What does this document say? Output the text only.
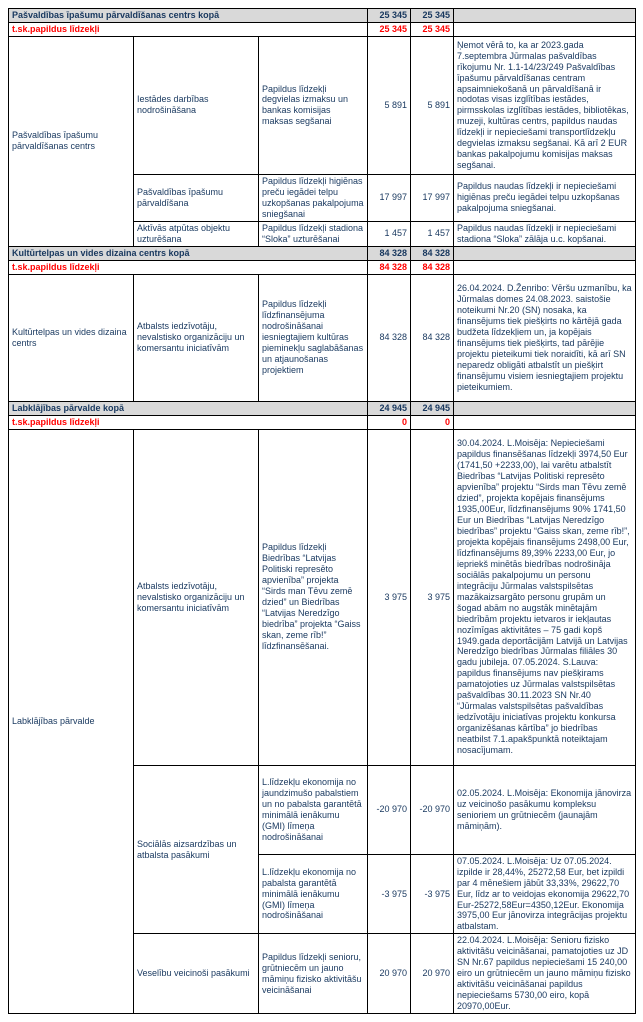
Pašvaldības īpašumu pārvaldīšanas centrs kopā			25 345	25 345	
t.sk.papildus līdzekļi			25 345	25 345	
Pašvaldības īpašumu pārvaldīšanas centrs	Iestādes darbības nodrošināšana	Papildus līdzekļi degvielas izmaksu un bankas komisijas maksas segšanai	5 891	5 891	Ņemot vērā to, ka ar 2023.gada 7.septembra Jūrmalas pašvaldības rīkojumu Nr. 1.1-14/23/249 Pašvaldības īpašumu pārvaldīšanas centram apsaimniekošanā un pārvaldīšanā ir nodotas visas izglītības iestādes, pirmsskolas izglītības iestādes, bibliotēkas, muzeji, kultūras centrs, papildus naudas līdzekļi ir nepieciešami transportlīdzekļu degvielas izmaksu segšanai. Kā arī 2 EUR bankas pakalpojumu komisijas maksas segšanai.
	Pašvaldības īpašumu pārvaldīšana	Papildus līdzekļi higiēnas preču iegādei telpu uzkopšanas pakalpojuma sniegšanai	17 997	17 997	Papildus naudas līdzekļi ir nepieciešami higiēnas preču iegādei telpu uzkopšanas pakalpojuma sniegšanai.
	Aktīvās atpūtas objektu uzturēšana	Papildus līdzekļi stadiona “Sloka” uzturēšanai	1 457	1 457	Papildus naudas līdzekļi ir nepieciešami stadiona “Sloka” zālāja u.c. kopšanai.
Kultūrtelpas un vides dizaina centrs kopā			84 328	84 328	
t.sk.papildus līdzekļi			84 328	84 328	
Kultūrtelpas un vides dizaina centrs	Atbalsts iedzīvotāju, nevalstisko organizāciju un komersantu iniciatīvām	Papildus līdzekļi līdzfinansējuma nodrošināšanai iesniegtajiem kultūras pieminekļu saglabāšanas un atjaunošanas projektiem	84 328	84 328	26.04.2024. D.Ženribo: Vēršu uzmanību, ka Jūrmalas domes 24.08.2023. saistošie noteikumi Nr.20 (SN) nosaka, ka finansējums tiek piešķirts no kārtējā gada budžeta līdzekļiem un, ja kopējais finansējums tiek piešķirts, tad pārējie projektu pieteikumi tiek noraidīti, kā arī SN neparedz obligāti atbalstīt un piešķirt finansējumu visiem iesniegtajiem projektu pieteikumiem.
Labklājības pārvalde kopā			24 945	24 945	
t.sk.papildus līdzekļi			0	0	
Labklājības pārvalde	Atbalsts iedzīvotāju, nevalstisko organizāciju un komersantu iniciatīvām	Papildus līdzekļi Biedrības “Latvijas Politiski represēto apvienība” projekta “Sirds man Tēvu zemē dzied” un Biedrības “Latvijas Neredzīgo biedrība” projekta “Gaiss skan, zeme rīb!” līdzfinansēšanai.	3 975	3 975	30.04.2024. L.Moisēja: Nepieciešami papildus finansēšanas līdzekļi 3974,50 Eur (1741,50 +2233,00), lai varētu atbalstīt Biedrības “Latvijas Politiski represēto apvienība” projektu “Sirds man Tēvu zemē dzied”, projekta kopējais finansējums 1935,00Eur, līdzfinansējums 90% 1741,50 Eur un Biedrības “Latvijas Neredzīgo biedrības” projektu “Gaiss skan, zeme rīb!”, projekta kopējais finansējums 2498,00 Eur, līdzfinansējums 89,39% 2233,00 Eur, jo iepriekš minētās biedrības nodrošināja sociālās pakalpojumu un personu integrāciju Jūrmalas valstspilsētas mazākaizsargāto personu grupām un šogad abām no augstāk minētajām biedrībām projektu ietvaros ir iekļautas nozīmīgas aktivitātes – 75 gadi kopš 1949.gada deportācijām Latvijā un Latvijas Neredzīgo biedrības Jūrmalas filiāles 30 gadu jubileja. 07.05.2024. S.Lauva: papildus finansējums nav piešķirams pamatojoties uz Jūrmalas valstspilsētas pašvaldības 30.11.2023 SN Nr.40 “Jūrmalas valstspilsētas pašvaldības iedzīvotāju iniciatīvas projektu konkursa organizēšanas kārtība” jo biedrības neatbilst 7.1.apakšpunktā noteiktajam nosacījumam.
	Sociālās aizsardzības un atbalsta pasākumi	L.līdzekļu ekonomija no jaundzimušo pabalstiem un no pabalsta garantētā minimālā ienākumu (GMI) līmeņa nodrošināšanai	-20 970	-20 970	02.05.2024. L.Moisēja: Ekonomija jānovirza uz veicinošo pasākumu kompleksu senioriem un grūtniecēm (jaunajām māmiņām).
		L.līdzekļu ekonomija no pabalsta garantētā minimālā ienākumu (GMI) līmeņa nodrošināšanai	-3 975	-3 975	07.05.2024. L.Moisēja: Uz 07.05.2024. izpilde ir 28,44%, 25272,58 Eur, bet izpildi par 4 mēnešiem jābūt 33,33%, 29622,70 Eur, līdz ar to veidojas ekonomija 29622,70 Eur-25272,58Eur=4350,12Eur. Ekonomija 3975,00 Eur jānovirza integrācijas projektu atbalstam.
	Veselību veicinoši pasākumi	Papildus līdzekļi senioru, grūtniecēm un jauno māmiņu fizisko aktivitāšu veicināšanai	20 970	20 970	22.04.2024. L.Moisēja: Senioru fizisko aktivitāšu veicināšanai, pamatojoties uz JD SN Nr.67 papildus nepieciešami 15 240,00 eiro un grūtniecēm un jauno māmiņu fizisko aktivitāšu veicināšanai papildus nepieciešams 5730,00 eiro, kopā 20970,00Eur.
